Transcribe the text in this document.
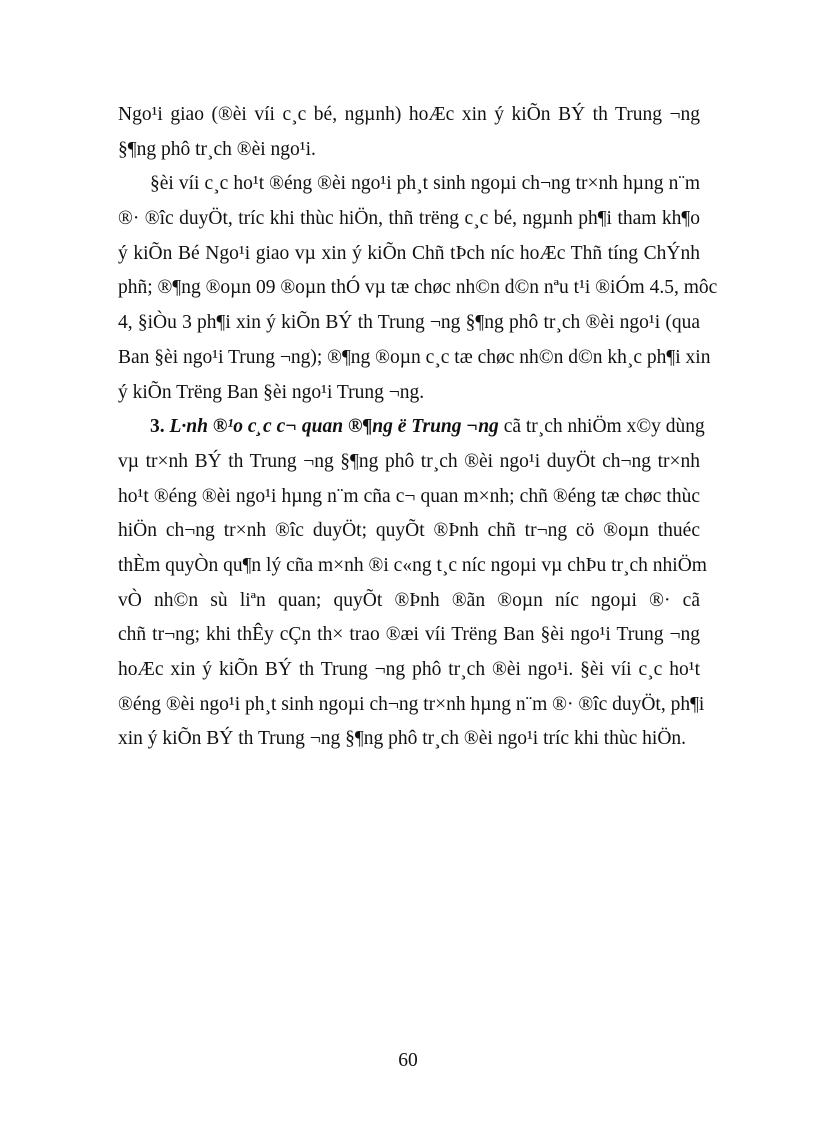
Ngo¹i giao (®èi víi c¸c bé, ngµnh) hoÆc xin ý kiÕn BÝ th Trung ¬ng
§¶ng phô tr¸ch ®èi ngo¹i.
§èi víi c¸c ho¹t ®éng ®èi ngo¹i ph¸t sinh ngoµi ch¬ng tr×nh hµng n¨m
®· ®îc duyÖt, tríc khi thùc hiÖn, thñ trëng c¸c bé, ngµnh ph¶i tham kh¶o
ý kiÕn Bé Ngo¹i giao vµ xin ý kiÕn Chñ tÞch níc hoÆc Thñ tíng ChÝnh
phñ; ®¶ng ®oµn 09 ®oµn thÓ vµ tæ chøc nh©n d©n nªu t¹i ®iÓm 4.5, môc
4, §iÒu 3 ph¶i xin ý kiÕn BÝ th Trung ¬ng §¶ng phô tr¸ch ®èi ngo¹i (qua
Ban §èi ngo¹i Trung ¬ng); ®¶ng ®oµn c¸c tæ chøc nh©n d©n kh¸c ph¶i xin
ý kiÕn Trëng Ban §èi ngo¹i Trung ¬ng.
3. L·nh ®¹o c¸c c¬ quan ®¶ng ë Trung ¬ng cã tr¸ch nhiÖm x©y dùng
vµ tr×nh BÝ th Trung ¬ng §¶ng phô tr¸ch ®èi ngo¹i duyÖt ch¬ng tr×nh
ho¹t ®éng ®èi ngo¹i hµng n¨m cña c¬ quan m×nh; chñ ®éng tæ chøc thùc
hiÖn ch¬ng tr×nh ®îc duyÖt; quyÕt ®Þnh chñ tr¬ng cö ®oµn thuéc
thÈm quyÒn qu¶n lý cña m×nh ®i c«ng t¸c níc ngoµi vµ chÞu tr¸ch nhiÖm
vÒ nh©n sù liªn quan; quyÕt ®Þnh ®ãn ®oµn níc ngoµi ®· cã
chñ tr¬ng; khi thÊy cÇn th× trao ®æi víi Trëng Ban §èi ngo¹i Trung ¬ng
hoÆc xin ý kiÕn BÝ th Trung ¬ng phô tr¸ch ®èi ngo¹i. §èi víi c¸c ho¹t
®éng ®èi ngo¹i ph¸t sinh ngoµi ch¬ng tr×nh hµng n¨m ®· ®îc duyÖt, ph¶i
xin ý kiÕn BÝ th Trung ¬ng §¶ng phô tr¸ch ®èi ngo¹i tríc khi thùc hiÖn.
60
